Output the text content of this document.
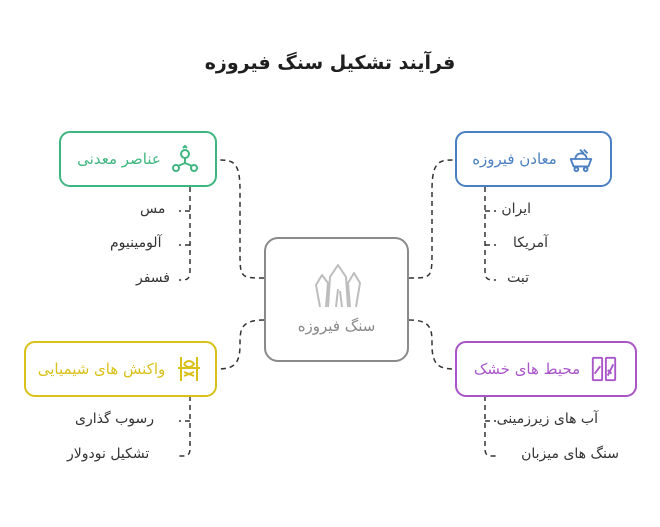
فرآیند تشکیل سنگ فیروزه
سنگ فیروزه
معادن فیروزه
ایران
آمریکا
تبت
عناصر معدنی
مس
آلومینیوم
فسفر
محیط های خشک
آب های زیرزمینی
سنگ های میزبان
واکنش های شیمیایی
رسوب گذاری
تشکیل نودولار
